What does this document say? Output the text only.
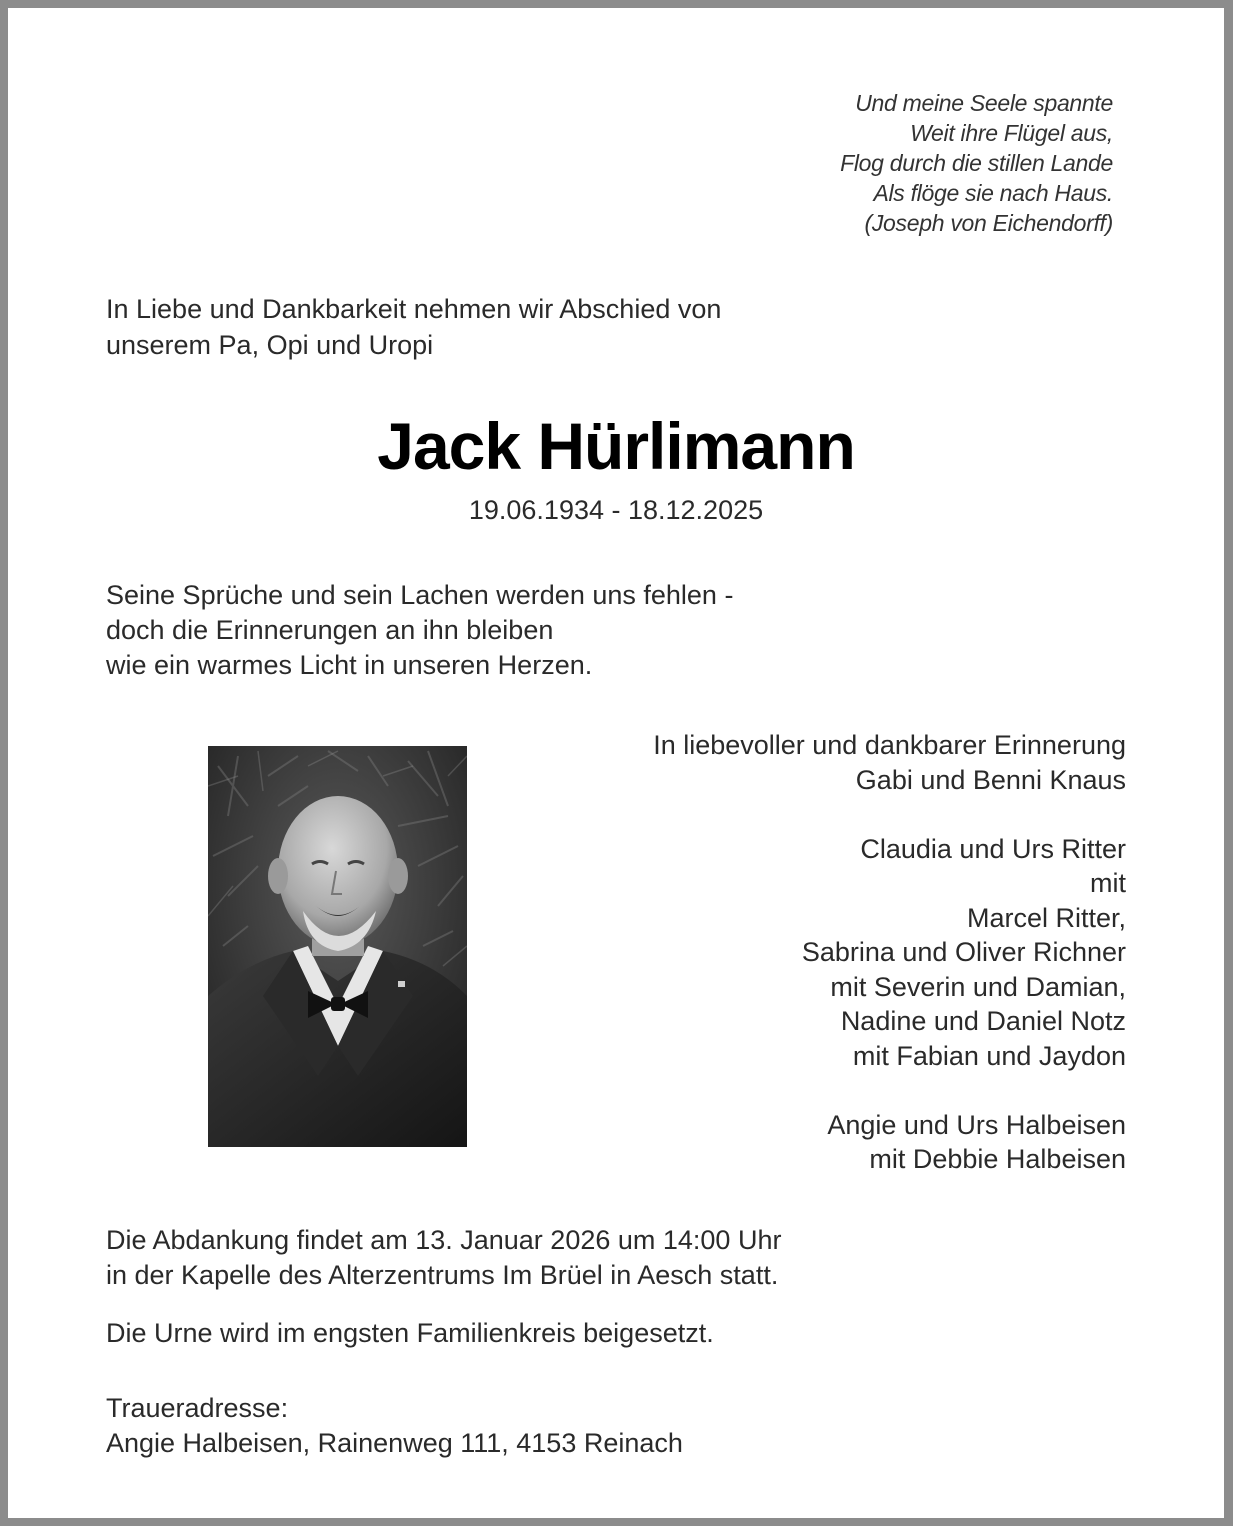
Und meine Seele spannte
Weit ihre Flügel aus,
Flog durch die stillen Lande
Als flöge sie nach Haus.
(Joseph von Eichendorff)
In Liebe und Dankbarkeit nehmen wir Abschied von
unserem Pa, Opi und Uropi
Jack Hürlimann
19.06.1934 - 18.12.2025
Seine Sprüche und sein Lachen werden uns fehlen -
doch die Erinnerungen an ihn bleiben
wie ein warmes Licht in unseren Herzen.
In liebevoller und dankbarer Erinnerung
Gabi und Benni Knaus
Claudia und Urs Ritter
mit
Marcel Ritter,
Sabrina und Oliver Richner
mit Severin und Damian,
Nadine und Daniel Notz
mit Fabian und Jaydon
Angie und Urs Halbeisen
mit Debbie Halbeisen
Die Abdankung findet am 13. Januar 2026 um 14:00 Uhr
in der Kapelle des Alterzentrums Im Brüel in Aesch statt.
Die Urne wird im engsten Familienkreis beigesetzt.
Traueradresse:
Angie Halbeisen, Rainenweg 111, 4153 Reinach
